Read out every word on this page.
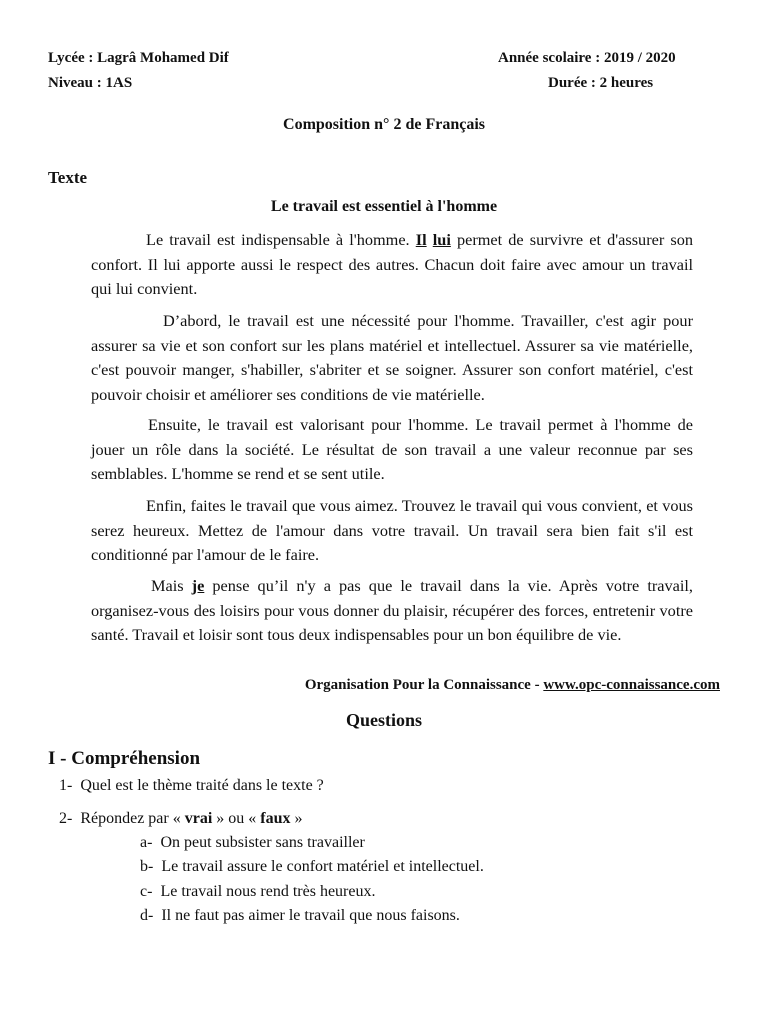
Lycée : Lagrâ Mohamed Dif	Année scolaire : 2019 / 2020
Niveau : 1AS	Durée : 2 heures
Composition n° 2 de Français
Texte
Le travail est essentiel à l'homme
Le travail est indispensable à l'homme. Il lui permet de survivre et d'assurer son confort. Il lui apporte aussi le respect des autres. Chacun doit faire avec amour un travail qui lui convient.
D’abord, le travail est une nécessité pour l'homme. Travailler, c'est agir pour assurer sa vie et son confort sur les plans matériel et intellectuel. Assurer sa vie matérielle, c'est pouvoir manger, s'habiller, s'abriter et se soigner. Assurer son confort matériel, c'est pouvoir choisir et améliorer ses conditions de vie matérielle.
Ensuite, le travail est valorisant pour l'homme. Le travail permet à l'homme de jouer un rôle dans la société. Le résultat de son travail a une valeur reconnue par ses semblables. L'homme se rend et se sent utile.
Enfin, faites le travail que vous aimez. Trouvez le travail qui vous convient, et vous serez heureux. Mettez de l'amour dans votre travail. Un travail sera bien fait s'il est conditionné par l'amour de le faire.
Mais je pense qu’il n'y a pas que le travail dans la vie. Après votre travail, organisez-vous des loisirs pour vous donner du plaisir, récupérer des forces, entretenir votre santé. Travail et loisir sont tous deux indispensables pour un bon équilibre de vie.
Organisation Pour la Connaissance - www.opc-connaissance.com
Questions
I - Compréhension
1- Quel est le thème traité dans le texte ?
2- Répondez par « vrai » ou « faux »
a- On peut subsister sans travailler
b- Le travail assure le confort matériel et intellectuel.
c- Le travail nous rend très heureux.
d- Il ne faut pas aimer le travail que nous faisons.
